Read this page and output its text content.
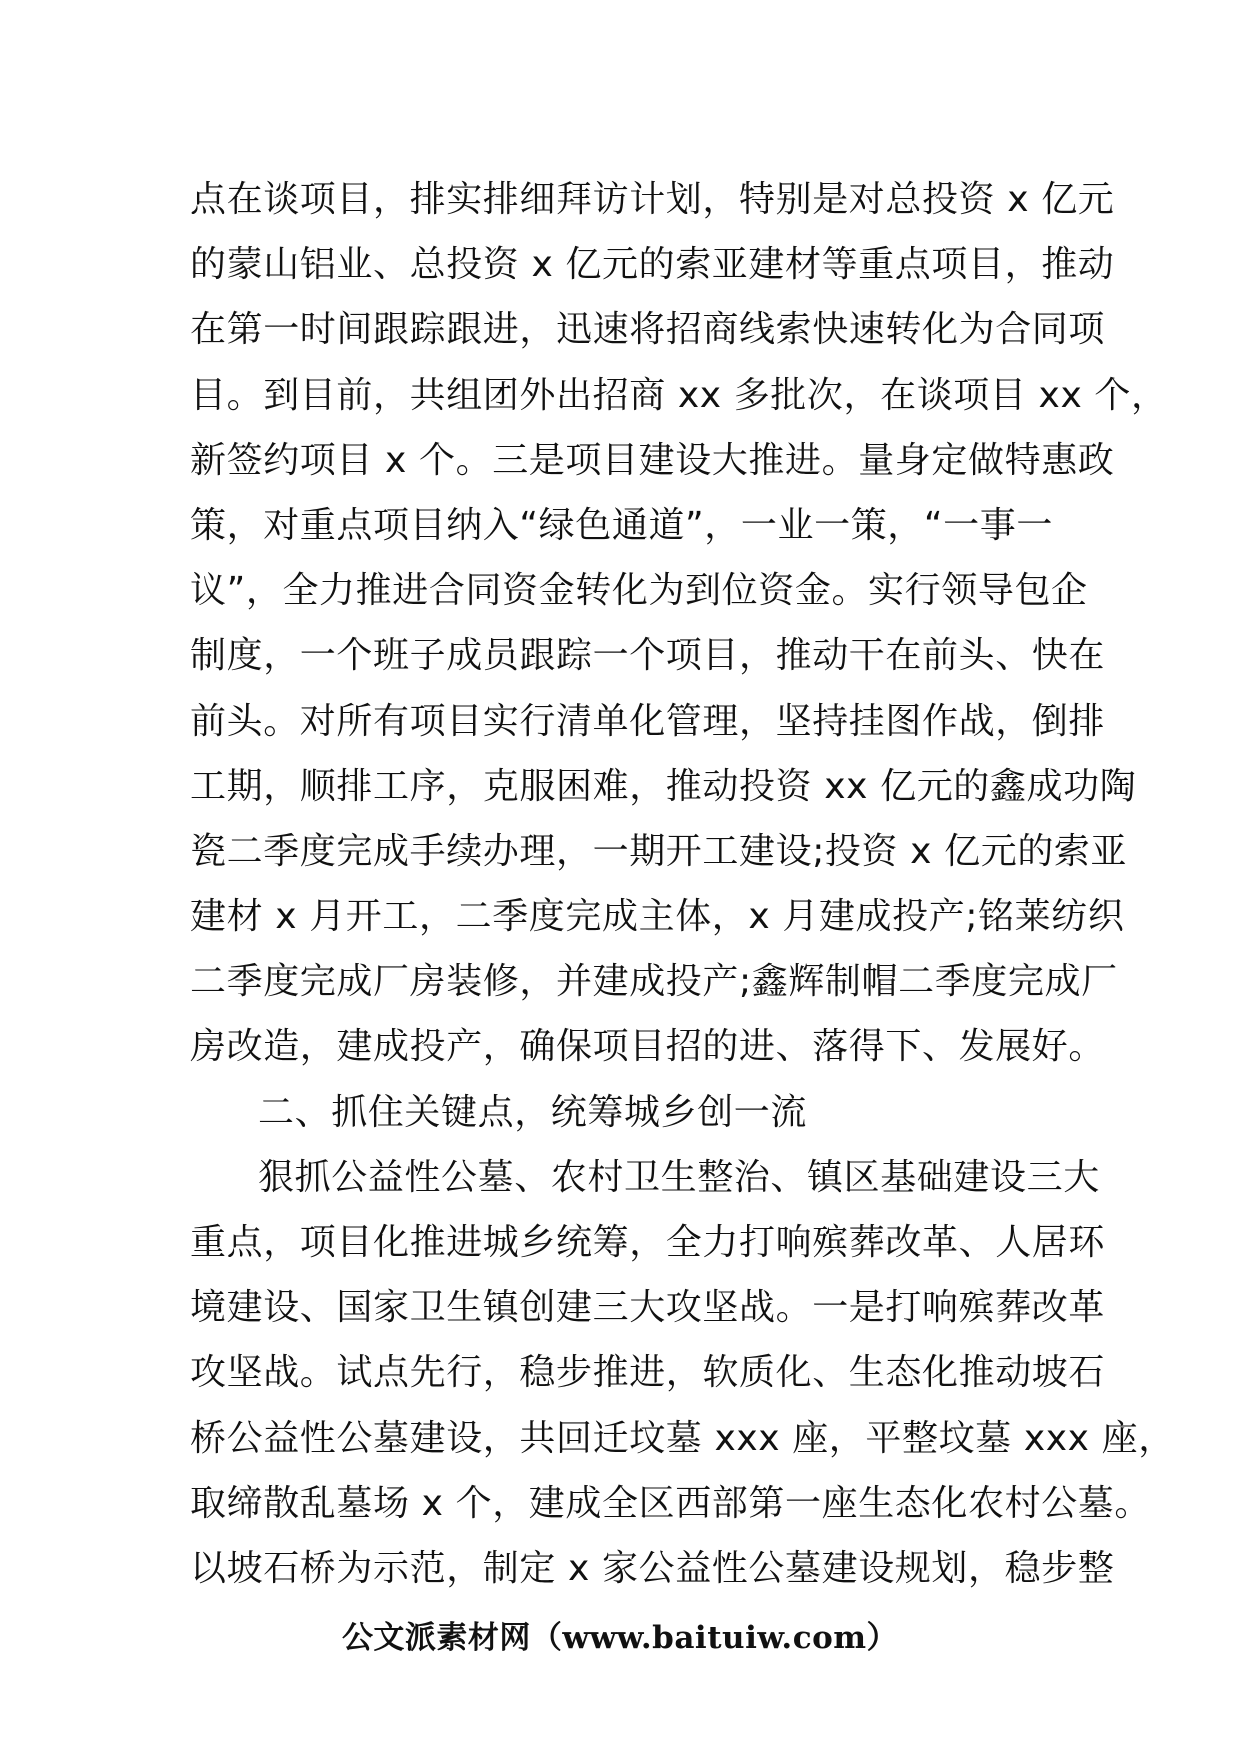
点在谈项目，排实排细拜访计划，特别是对总投资 x 亿元
的蒙山铝业、总投资 x 亿元的索亚建材等重点项目，推动
在第一时间跟踪跟进，迅速将招商线索快速转化为合同项
目。到目前，共组团外出招商 xx 多批次，在谈项目 xx 个，
新签约项目 x 个。三是项目建设大推进。量身定做特惠政
策，对重点项目纳入“绿色通道”，一业一策，“一事一
议”，全力推进合同资金转化为到位资金。实行领导包企
制度，一个班子成员跟踪一个项目，推动干在前头、快在
前头。对所有项目实行清单化管理，坚持挂图作战，倒排
工期，顺排工序，克服困难，推动投资 xx 亿元的鑫成功陶
瓷二季度完成手续办理，一期开工建设;投资 x 亿元的索亚
建材 x 月开工，二季度完成主体，x 月建成投产;铭莱纺织
二季度完成厂房装修，并建成投产;鑫辉制帽二季度完成厂
房改造，建成投产，确保项目招的进、落得下、发展好。
二、抓住关键点，统筹城乡创一流
狠抓公益性公墓、农村卫生整治、镇区基础建设三大
重点，项目化推进城乡统筹，全力打响殡葬改革、人居环
境建设、国家卫生镇创建三大攻坚战。一是打响殡葬改革
攻坚战。试点先行，稳步推进，软质化、生态化推动坡石
桥公益性公墓建设，共回迁坟墓 xxx 座，平整坟墓 xxx 座，
取缔散乱墓场 x 个，建成全区西部第一座生态化农村公墓。
以坡石桥为示范，制定 x 家公益性公墓建设规划，稳步整
公文派素材网（www.baituiw.com）
